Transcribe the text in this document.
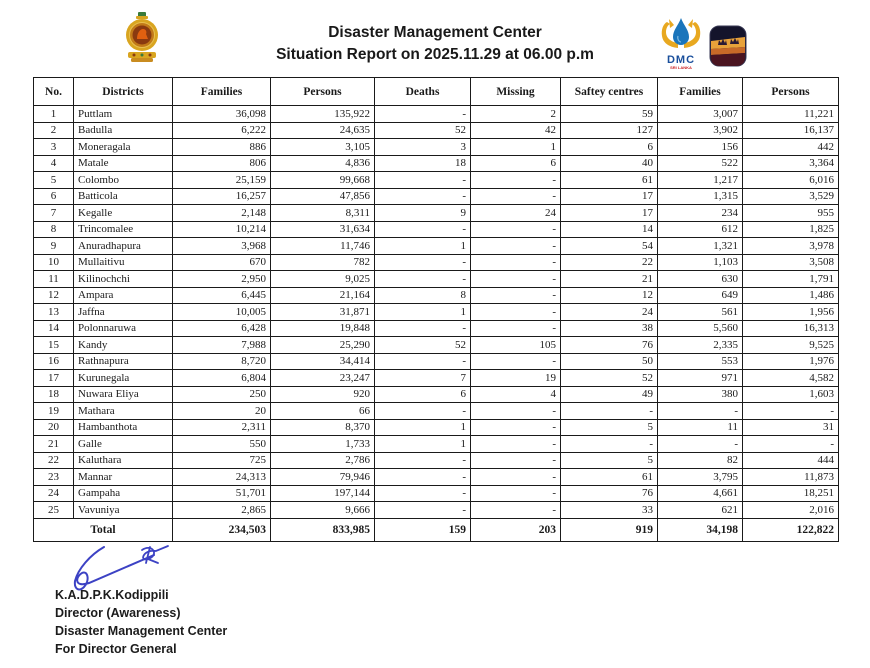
Disaster Management Center
Situation Report on 2025.11.29 at 06.00 p.m	DMC
SRI LANKA
No.	Districts	Families	Persons	Deaths	Missing	Saftey centres	Families	Persons
1	Puttlam	36,098	135,922	-	2	59	3,007	11,221
2	Badulla	6,222	24,635	52	42	127	3,902	16,137
3	Moneragala	886	3,105	3	1	6	156	442
4	Matale	806	4,836	18	6	40	522	3,364
5	Colombo	25,159	99,668	-	-	61	1,217	6,016
6	Batticola	16,257	47,856	-	-	17	1,315	3,529
7	Kegalle	2,148	8,311	9	24	17	234	955
8	Trincomalee	10,214	31,634	-	-	14	612	1,825
9	Anuradhapura	3,968	11,746	1	-	54	1,321	3,978
10	Mullaitivu	670	782	-	-	22	1,103	3,508
11	Kilinochchi	2,950	9,025	-	-	21	630	1,791
12	Ampara	6,445	21,164	8	-	12	649	1,486
13	Jaffna	10,005	31,871	1	-	24	561	1,956
14	Polonnaruwa	6,428	19,848	-	-	38	5,560	16,313
15	Kandy	7,988	25,290	52	105	76	2,335	9,525
16	Rathnapura	8,720	34,414	-	-	50	553	1,976
17	Kurunegala	6,804	23,247	7	19	52	971	4,582
18	Nuwara Eliya	250	920	6	4	49	380	1,603
19	Mathara	20	66	-	-	-	-	-
20	Hambanthota	2,311	8,370	1	-	5	11	31
21	Galle	550	1,733	1	-	-	-	-
22	Kaluthara	725	2,786	-	-	5	82	444
23	Mannar	24,313	79,946	-	-	61	3,795	11,873
24	Gampaha	51,701	197,144	-	-	76	4,661	18,251
25	Vavuniya	2,865	9,666	-	-	33	621	2,016
Total		234,503	833,985	159	203	919	34,198	122,822
K.A.D.P.K.Kodippili
Director (Awareness)
Disaster Management Center
For Director General
